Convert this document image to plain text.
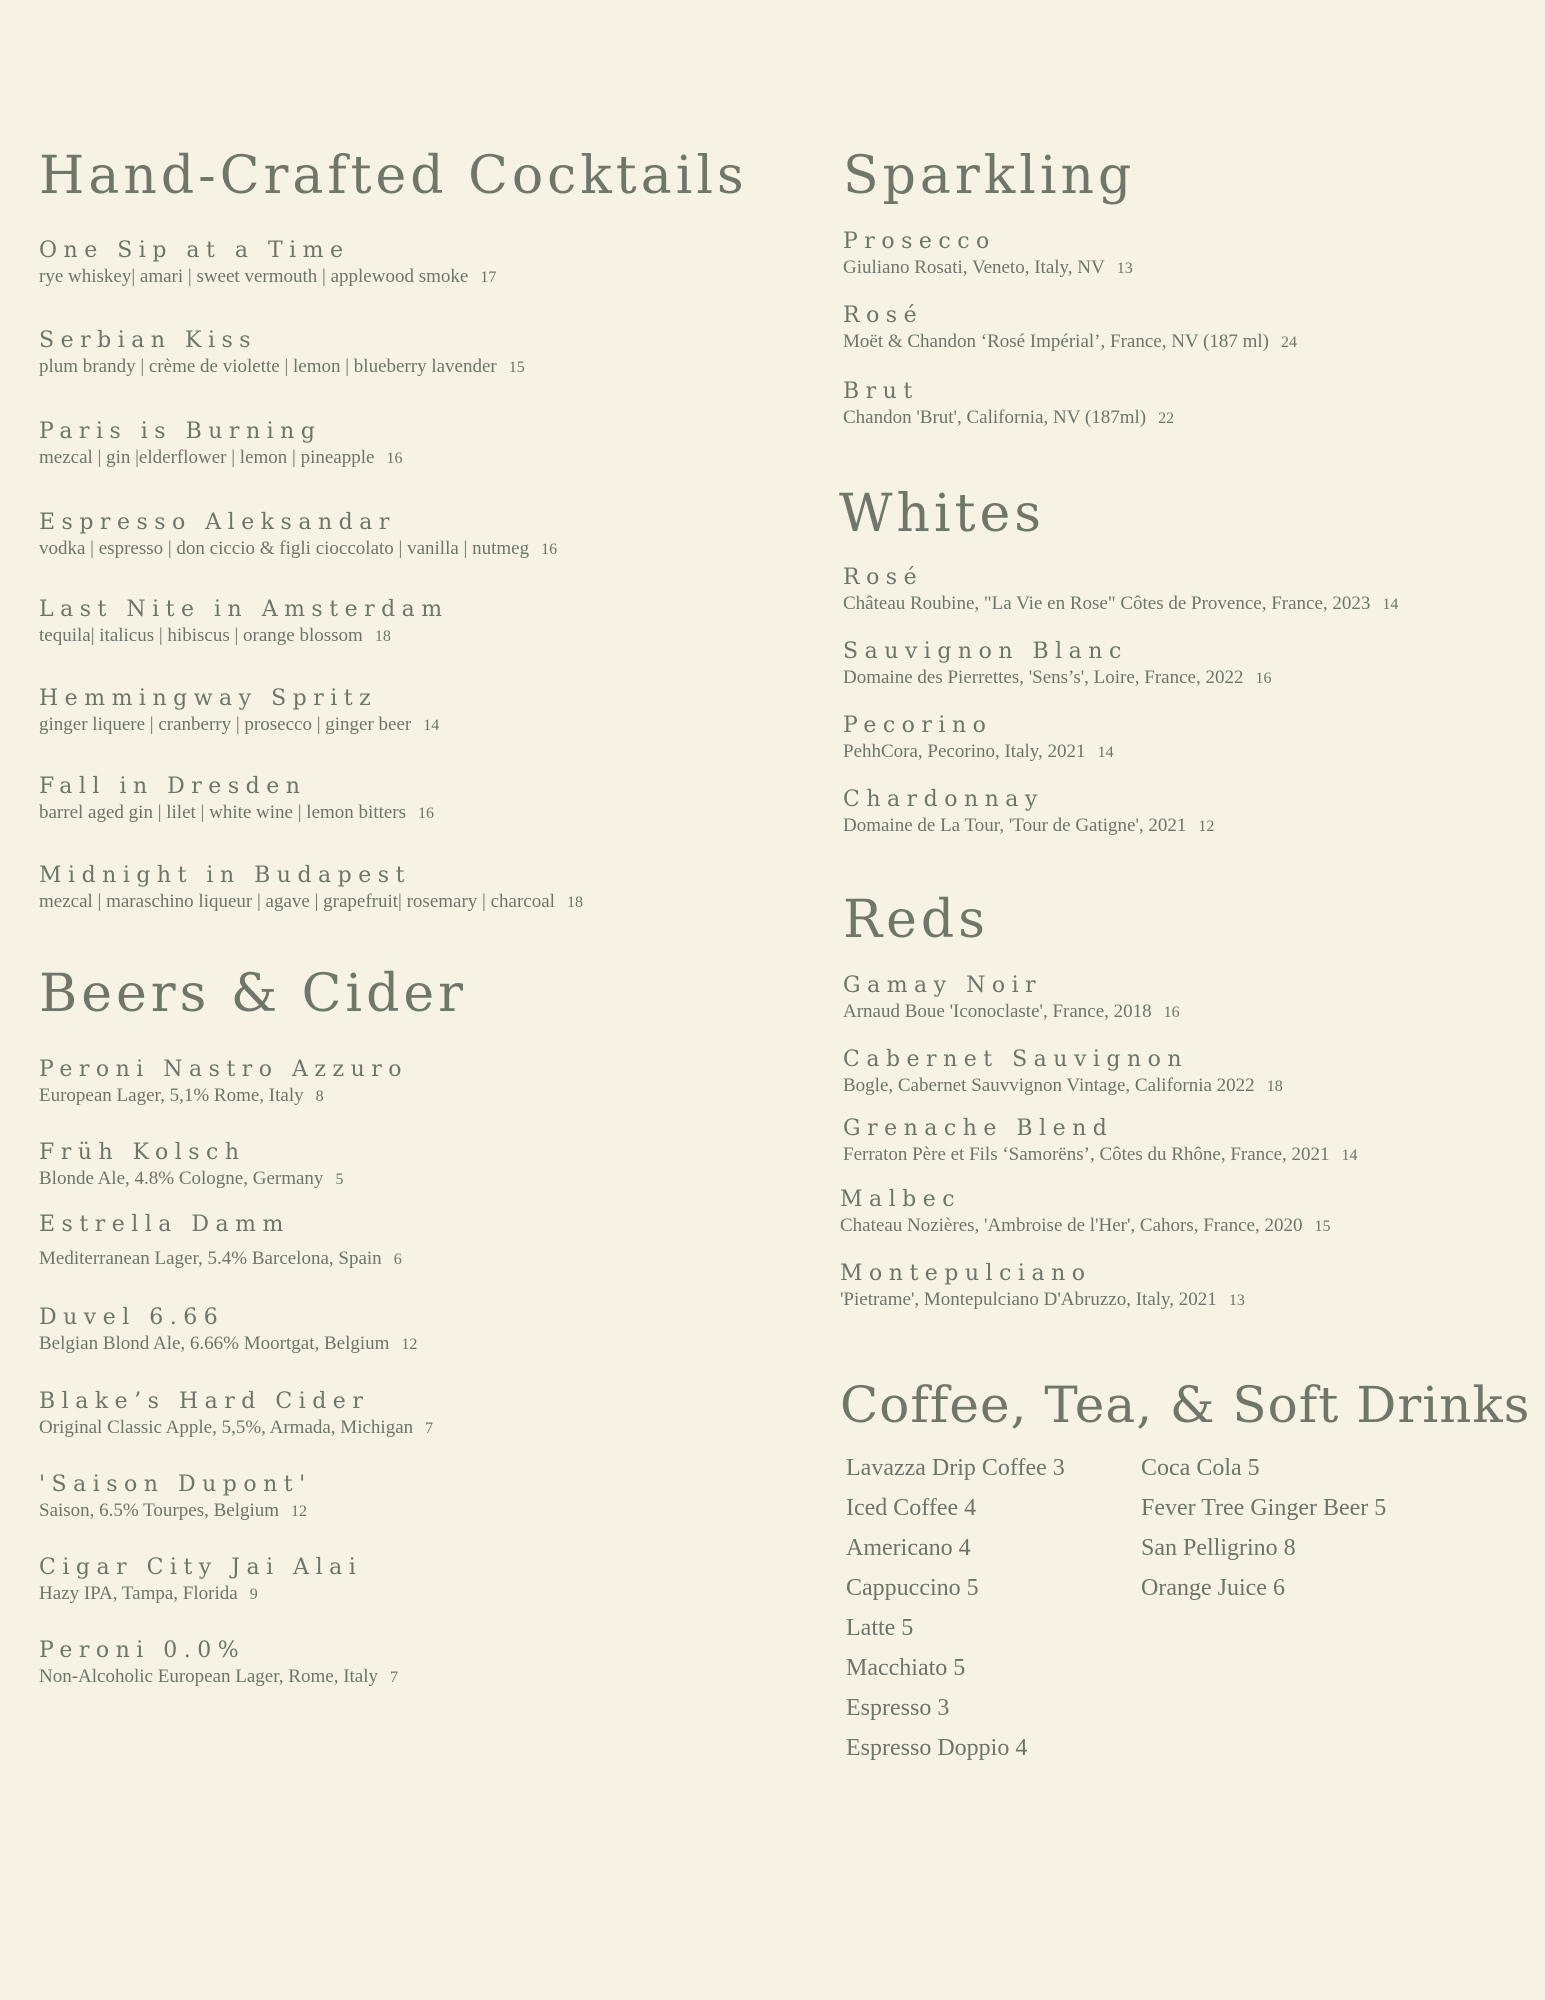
Hand-Crafted Cocktails
One Sip at a Time
rye whiskey| amari | sweet vermouth | applewood smoke 17
Serbian Kiss
plum brandy | crème de violette | lemon | blueberry lavender 15
Paris is Burning
mezcal | gin |elderflower | lemon | pineapple 16
Espresso Aleksandar
vodka | espresso | don ciccio & figli cioccolato | vanilla | nutmeg 16
Last Nite in Amsterdam
tequila| italicus | hibiscus | orange blossom 18
Hemmingway Spritz
ginger liquere | cranberry | prosecco | ginger beer 14
Fall in Dresden
barrel aged gin | lilet | white wine | lemon bitters 16
Midnight in Budapest
mezcal | maraschino liqueur | agave | grapefruit| rosemary | charcoal 18
Beers & Cider
Peroni Nastro Azzuro
European Lager, 5,1% Rome, Italy 8
Früh Kolsch
Blonde Ale, 4.8% Cologne, Germany 5
Estrella Damm
Mediterranean Lager, 5.4% Barcelona, Spain 6
Duvel 6.66
Belgian Blond Ale, 6.66% Moortgat, Belgium 12
Blake’s Hard Cider
Original Classic Apple, 5,5%, Armada, Michigan 7
'Saison Dupont'
Saison, 6.5% Tourpes, Belgium 12
Cigar City Jai Alai
Hazy IPA, Tampa, Florida 9
Peroni 0.0%
Non-Alcoholic European Lager, Rome, Italy 7
Sparkling
Prosecco
Giuliano Rosati, Veneto, Italy, NV 13
Rosé
Moët & Chandon ‘Rosé Impérial’, France, NV (187 ml) 24
Brut
Chandon 'Brut', California, NV (187ml) 22
Whites
Rosé
Château Roubine, "La Vie en Rose" Côtes de Provence, France, 2023 14
Sauvignon Blanc
Domaine des Pierrettes, 'Sens’s', Loire, France, 2022 16
Pecorino
PehhCora, Pecorino, Italy, 2021 14
Chardonnay
Domaine de La Tour, 'Tour de Gatigne', 2021 12
Reds
Gamay Noir
Arnaud Boue 'Iconoclaste', France, 2018 16
Cabernet Sauvignon
Bogle, Cabernet Sauvvignon Vintage, California 2022 18
Grenache Blend
Ferraton Père et Fils ‘Samorëns’, Côtes du Rhône, France, 2021 14
Malbec
Chateau Nozières, 'Ambroise de l'Her', Cahors, France, 2020 15
Montepulciano
'Pietrame', Montepulciano D'Abruzzo, Italy, 2021 13
Coffee, Tea, & Soft Drinks
Lavazza Drip Coffee 3
Iced Coffee 4
Americano 4
Cappuccino 5
Latte 5
Macchiato 5
Espresso 3
Espresso Doppio 4
Coca Cola 5
Fever Tree Ginger Beer 5
San Pelligrino 8
Orange Juice 6
